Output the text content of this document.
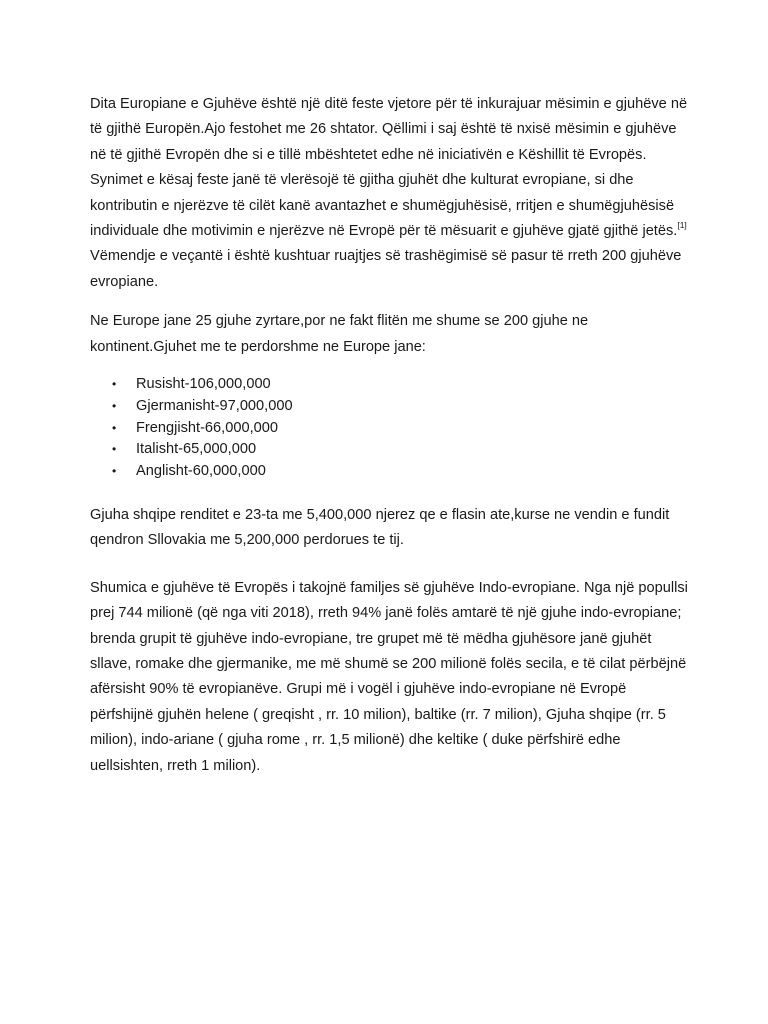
Dita Europiane e Gjuhëve është një ditë feste vjetore për të inkurajuar mësimin e gjuhëve në të gjithë Europën.Ajo festohet me 26 shtator. Qëllimi i saj është të nxisë mësimin e gjuhëve në të gjithë Evropën dhe si e tillë mbështetet edhe në iniciativën e Këshillit të Evropës. Synimet e kësaj feste janë të vlerësojë të gjitha gjuhët dhe kulturat evropiane, si dhe kontributin e njerëzve të cilët kanë avantazhet e shumëgjuhësisë, rritjen e shumëgjuhësisë individuale dhe motivimin e njerëzve në Evropë për të mësuarit e gjuhëve gjatë gjithë jetës.[1] Vëmendje e veçantë i është kushtuar ruajtjes së trashëgimisë së pasur të rreth 200 gjuhëve evropiane.

Ne Europe jane 25 gjuhe zyrtare,por ne fakt flitën me shume se 200 gjuhe ne kontinent.Gjuhet me te perdorshme ne Europe jane:

• Rusisht-106,000,000
• Gjermanisht-97,000,000
• Frengjisht-66,000,000
• Italisht-65,000,000
• Anglisht-60,000,000

Gjuha shqipe renditet e 23-ta me 5,400,000 njerez qe e flasin ate,kurse ne vendin e fundit qendron Sllovakia me 5,200,000 perdorues te tij.

Shumica e gjuhëve të Evropës i takojnë familjes së gjuhëve Indo-evropiane. Nga një popullsi prej 744 milionë (që nga viti 2018), rreth 94% janë folës amtarë të një gjuhe indo-evropiane; brenda grupit të gjuhëve indo-evropiane, tre grupet më të mëdha gjuhësore janë gjuhët sllave, romake dhe gjermanike, me më shumë se 200 milionë folës secila, e të cilat përbëjnë afërsisht 90% të evropianëve. Grupi më i vogël i gjuhëve indo-evropiane në Evropë përfshijnë gjuhën helene ( greqisht , rr. 10 milion), baltike (rr. 7 milion), Gjuha shqipe (rr. 5 milion), indo-ariane ( gjuha rome , rr. 1,5 milionë) dhe keltike ( duke përfshirë edhe uellsishten, rreth 1 milion).
